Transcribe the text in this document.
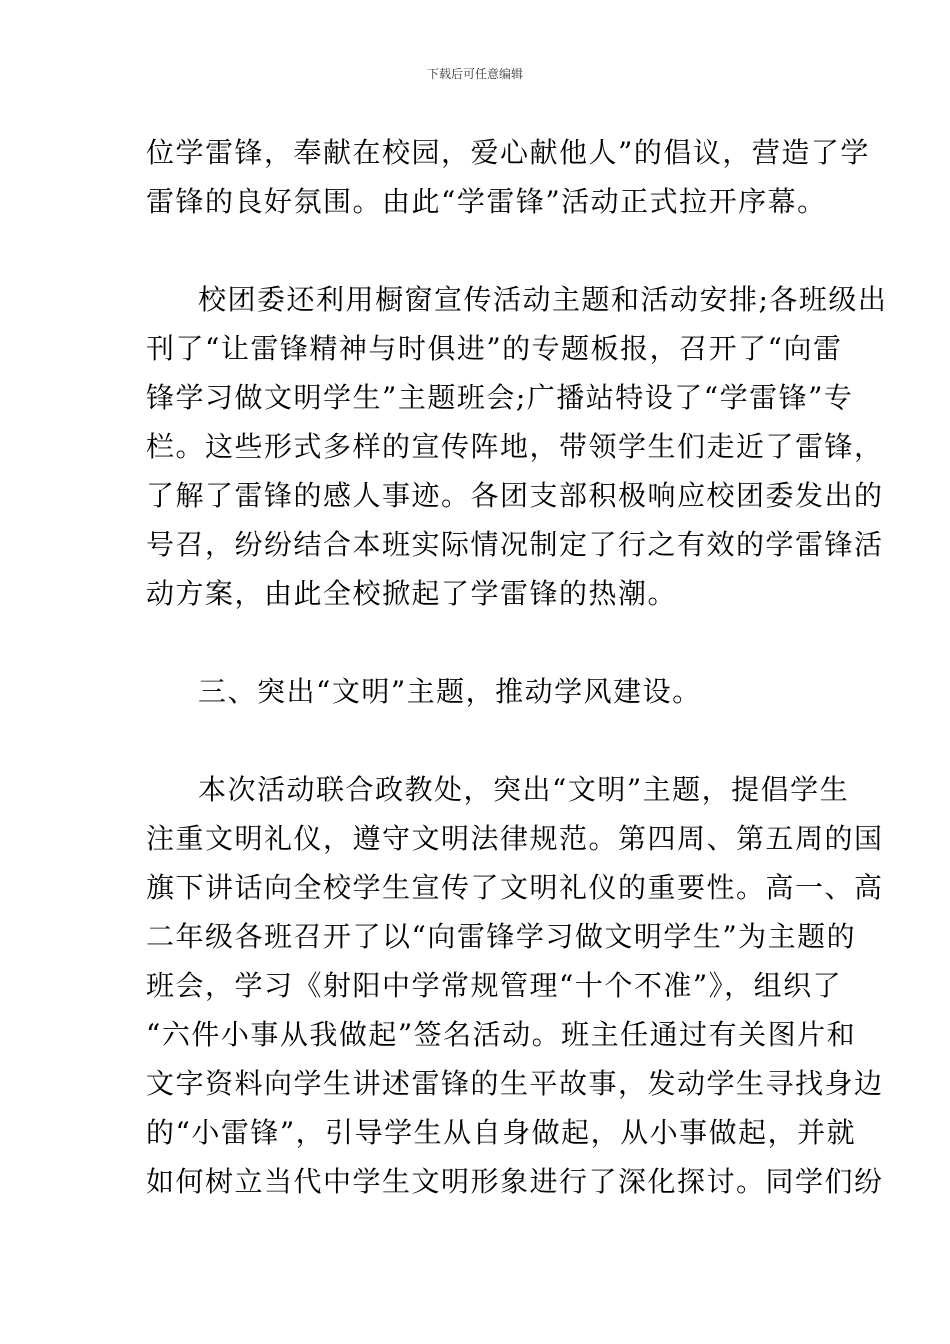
下载后可任意编辑
位学雷锋，奉献在校园，爱心献他人”的倡议，营造了学
雷锋的良好氛围。由此“学雷锋”活动正式拉开序幕。
校团委还利用橱窗宣传活动主题和活动安排;各班级出
刊了“让雷锋精神与时俱进”的专题板报，召开了“向雷
锋学习做文明学生”主题班会;广播站特设了“学雷锋”专
栏。这些形式多样的宣传阵地，带领学生们走近了雷锋，
了解了雷锋的感人事迹。各团支部积极响应校团委发出的
号召，纷纷结合本班实际情况制定了行之有效的学雷锋活
动方案，由此全校掀起了学雷锋的热潮。
三、突出“文明”主题，推动学风建设。
本次活动联合政教处，突出“文明”主题，提倡学生
注重文明礼仪，遵守文明法律规范。第四周、第五周的国
旗下讲话向全校学生宣传了文明礼仪的重要性。高一、高
二年级各班召开了以“向雷锋学习做文明学生”为主题的
班会，学习《射阳中学常规管理“十个不准”》，组织了
“六件小事从我做起”签名活动。班主任通过有关图片和
文字资料向学生讲述雷锋的生平故事，发动学生寻找身边
的“小雷锋”，引导学生从自身做起，从小事做起，并就
如何树立当代中学生文明形象进行了深化探讨。同学们纷
